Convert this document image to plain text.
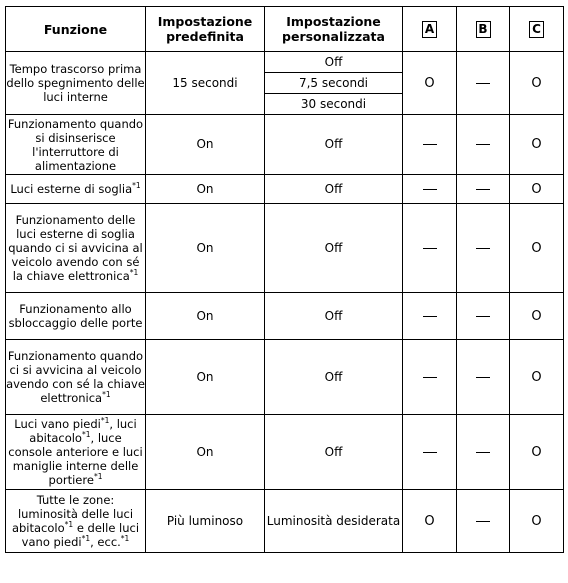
Funzione	Impostazione predefinita	Impostazione personalizzata	A	B	C
Tempo trascorso prima dello spegnimento delle luci interne	15 secondi	Off	O		O
		7,5 secondi			
		30 secondi			
Funzionamento quando si disinserisce l'interruttore di alimentazione	On	Off			O
Luci esterne di soglia$^{*1}$	On	Off			O
Funzionamento delle luci esterne di soglia quando ci si avvicina al veicolo avendo con sé la chiave elettronica$^{*1}$	On	Off			O
Funzionamento allo sbloccaggio delle porte	On	Off			O
Funzionamento quando ci si avvicina al veicolo avendo con sé la chiave elettronica$^{*1}$	On	Off			O
Luci vano piedi$^{*1}$, luci abitacolo$^{*1}$, luce console anteriore e luci maniglie interne delle portiere$^{*1}$	On	Off			O
Tutte le zone: luminosità delle luci abitacolo$^{*1}$ e delle luci vano piedi$^{*1}$, ecc.$^{*1}$	Più luminoso	Luminosità desiderata	O		O
